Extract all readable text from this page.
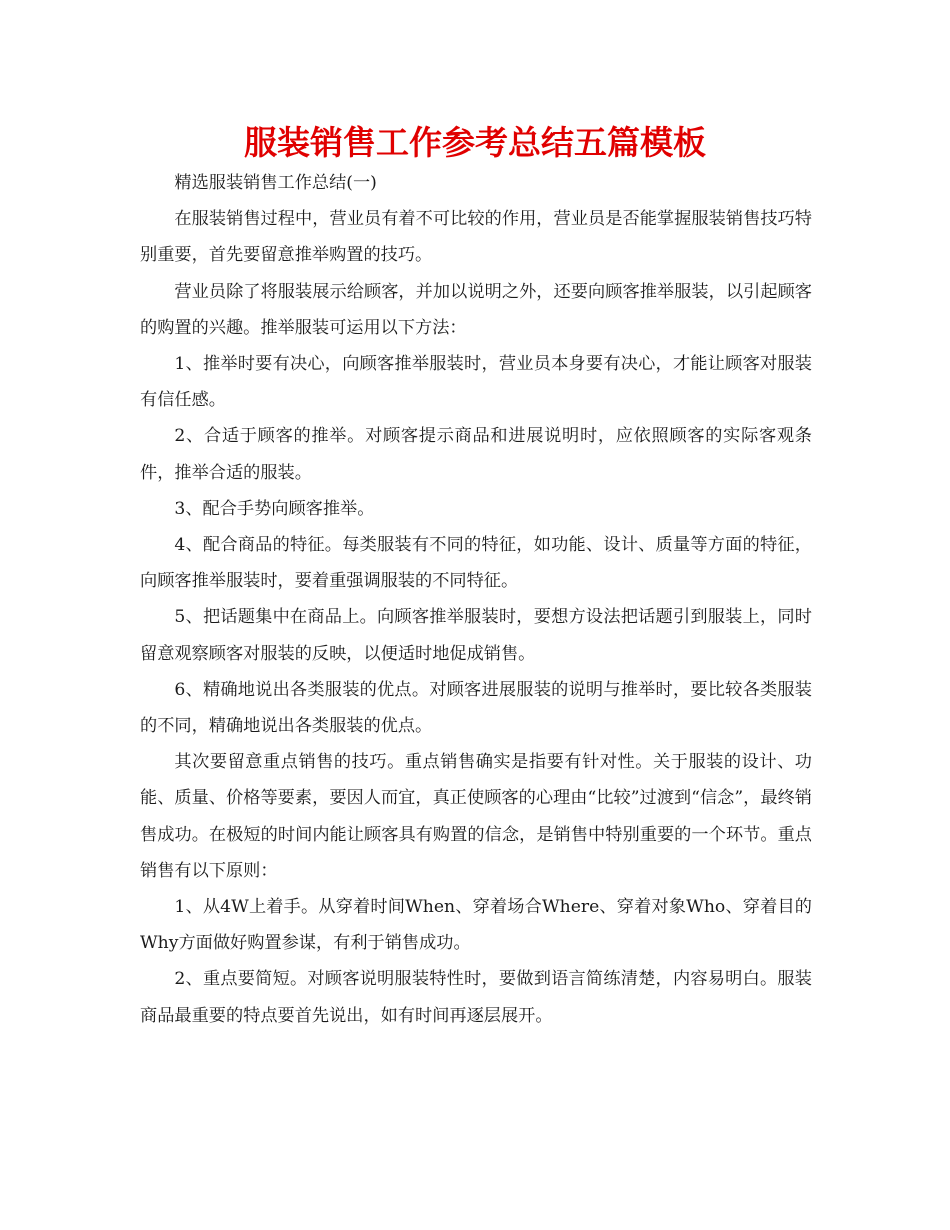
服装销售工作参考总结五篇模板

精选服装销售工作总结(一)

在服装销售过程中，营业员有着不可比较的作用，营业员是否能掌握服装销售技巧特别重要，首先要留意推举购置的技巧。

营业员除了将服装展示给顾客，并加以说明之外，还要向顾客推举服装，以引起顾客的购置的兴趣。推举服装可运用以下方法：

1、推举时要有决心，向顾客推举服装时，营业员本身要有决心，才能让顾客对服装有信任感。

2、合适于顾客的推举。对顾客提示商品和进展说明时，应依照顾客的实际客观条件，推举合适的服装。

3、配合手势向顾客推举。

4、配合商品的特征。每类服装有不同的特征，如功能、设计、质量等方面的特征，向顾客推举服装时，要着重强调服装的不同特征。

5、把话题集中在商品上。向顾客推举服装时，要想方设法把话题引到服装上，同时留意观察顾客对服装的反映，以便适时地促成销售。

6、精确地说出各类服装的优点。对顾客进展服装的说明与推举时，要比较各类服装的不同，精确地说出各类服装的优点。

其次要留意重点销售的技巧。重点销售确实是指要有针对性。关于服装的设计、功能、质量、价格等要素，要因人而宜，真正使顾客的心理由“比较”过渡到“信念”，最终销售成功。在极短的时间内能让顾客具有购置的信念，是销售中特别重要的一个环节。重点销售有以下原则：

1、从4W上着手。从穿着时间When、穿着场合Where、穿着对象Who、穿着目的Why方面做好购置参谋，有利于销售成功。

2、重点要简短。对顾客说明服装特性时，要做到语言简练清楚，内容易明白。服装商品最重要的特点要首先说出，如有时间再逐层展开。
